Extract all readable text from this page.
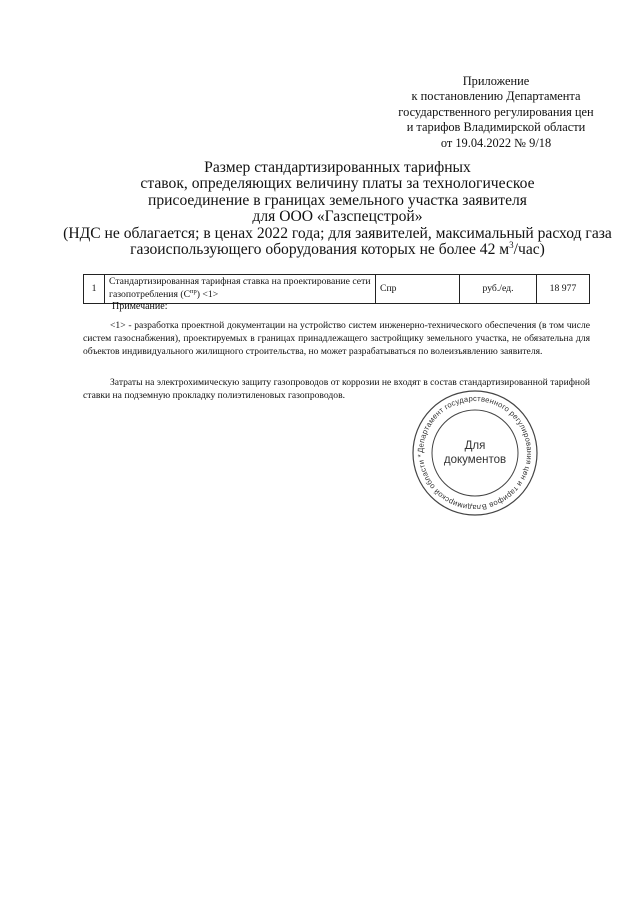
Приложение
к постановлению Департамента
государственного регулирования цен
и тарифов Владимирской области
от 19.04.2022 № 9/18
Размер стандартизированных тарифных
ставок, определяющих величину платы за технологическое
присоединение в границах земельного участка заявителя
для ООО «Газспецстрой»
(НДС не облагается; в ценах 2022 года; для заявителей, максимальный расход газа
газоиспользующего оборудования которых не более 42 $м^3/час$)
1	Стандартизированная тарифная ставка на проектирование сети газопотребления $(С^{пр}) <1>$	Спр	руб./ед.	18 977
Примечание:
<1> - разработка проектной документации на устройство систем инженерно-технического обеспечения (в том числе систем газоснабжения), проектируемых в границах принадлежащего застройщику земельного участка, не обязательна для объектов индивидуального жилищного строительства, но может разрабатываться по волеизъявлению заявителя.
Затраты на электрохимическую защиту газопроводов от коррозии не входят в состав стандартизированной тарифной ставки на подземную прокладку полиэтиленовых газопроводов.
Департамент государственного регулирования цен и тарифов Владимирской области *
Для
документов
